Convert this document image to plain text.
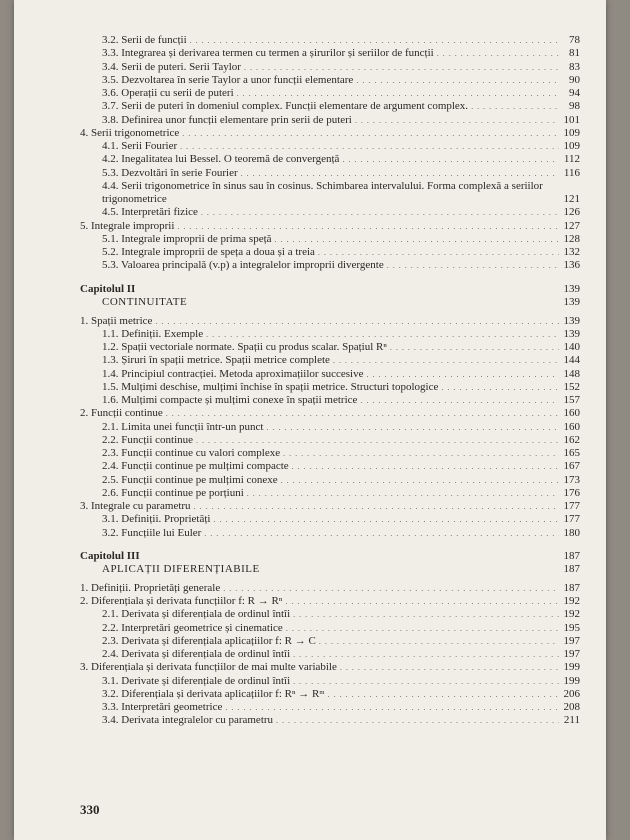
3.2. Serii de funcții . . .	78
3.3. Integrarea și derivarea termen cu termen a șirurilor și seriilor de funcții . . .	81
3.4. Serii de puteri. Serii Taylor . . .	83
3.5. Dezvoltarea în serie Taylor a unor funcții elementare . . .	90
3.6. Operații cu serii de puteri . . .	94
3.7. Serii de puteri în domeniul complex. Funcții elementare de argument complex. . . .	98
3.8. Definirea unor funcții elementare prin serii de puteri . . .	101
4. Serii trigonometrice . . .	109
4.1. Serii Fourier . . .	109
4.2. Inegalitatea lui Bessel. O teoremă de convergență . . .	112
5.3. Dezvoltări în serie Fourier . . .	116
4.4. Serii trigonometrice în sinus sau în cosinus. Schimbarea intervalului. Forma complexă a seriilor trigonometrice	121
4.5. Interpretări fizice . . .	126
5. Integrale improprii . . .	127
5.1. Integrale improprii de prima speță . . .	128
5.2. Integrale improprii de speța a doua și a treia . . .	132
5.3. Valoarea principală (v.p) a integralelor improprii divergente . . .	136
Capitolul II	139
CONTINUITATE	139
1. Spații metrice . . .	139
1.1. Definiții. Exemple . . .	139
1.2. Spații vectoriale normate. Spații cu produs scalar. Spațiul Rⁿ . . .	140
1.3. Șiruri în spații metrice. Spații metrice complete . . .	144
1.4. Principiul contracției. Metoda aproximațiilor succesive . . .	148
1.5. Mulțimi deschise, mulțimi închise în spații metrice. Structuri topologice . . .	152
1.6. Mulțimi compacte și mulțimi conexe în spații metrice . . .	157
2. Funcții continue . . .	160
2.1. Limita unei funcții într-un punct . . .	160
2.2. Funcții continue . . .	162
2.3. Funcții continue cu valori complexe . . .	165
2.4. Funcții continue pe mulțimi compacte . . .	167
2.5. Funcții continue pe mulțimi conexe . . .	173
2.6. Funcții continue pe porțiuni . . .	176
3. Integrale cu parametru . . .	177
3.1. Definiții. Proprietăți . . .	177
3.2. Funcțiile lui Euler . . .	180
Capitolul III	187
APLICAȚII DIFERENȚIABILE	187
1. Definiții. Proprietăți generale . . .	187
2. Diferențiala și derivata funcțiilor f: R → Rⁿ . . .	192
2.1. Derivata și diferențiala de ordinul întîi . . .	192
2.2. Interpretări geometrice și cinematice . . .	195
2.3. Derivata și diferențiala aplicațiilor f: R → C . . .	197
2.4. Derivata și diferențiala de ordinul întîi . . .	197
3. Diferențiala și derivata funcțiilor de mai multe variabile . . .	199
3.1. Derivate și diferențiale de ordinul întîi . . .	199
3.2. Diferențiala și derivata aplicațiilor f: Rⁿ → Rᵐ . . .	206
3.3. Interpretări geometrice . . .	208
3.4. Derivata integralelor cu parametru . . .	211
330
